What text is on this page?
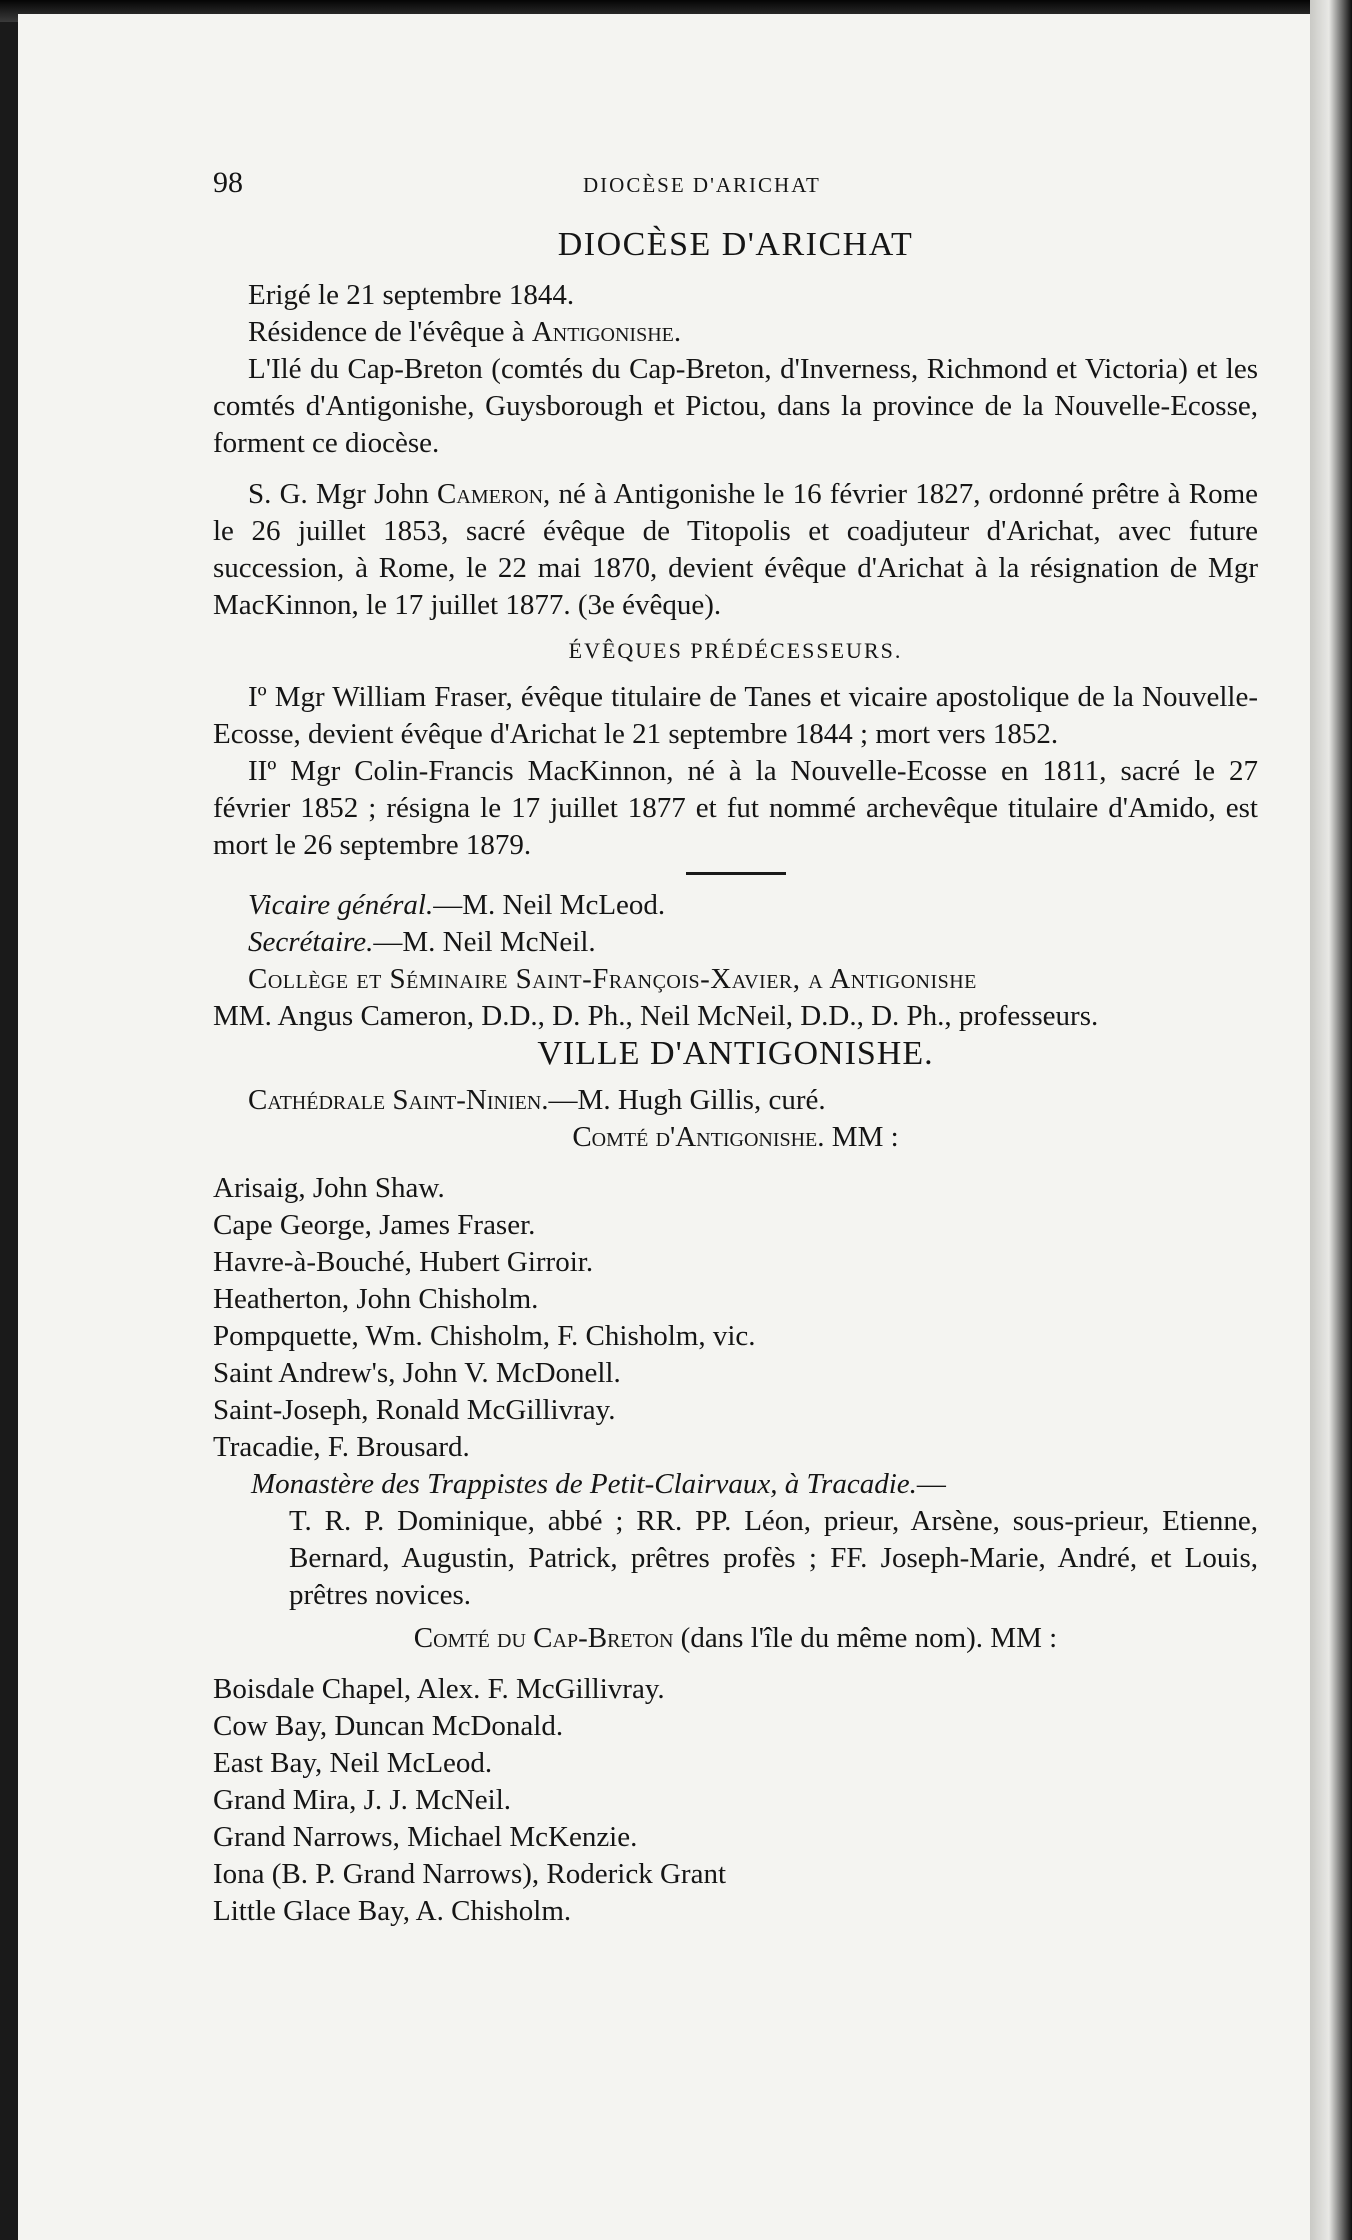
98	DIOCÈSE D'ARICHAT
DIOCÈSE D'ARICHAT
Erigé le 21 septembre 1844.
Résidence de l'évêque à Antigonishe.
L'Ilé du Cap-Breton (comtés du Cap-Breton, d'Inverness, Richmond et Victoria) et les comtés d'Antigonishe, Guysborough et Pictou, dans la province de la Nouvelle-Ecosse, forment ce diocèse.
S. G. Mgr John Cameron, né à Antigonishe le 16 février 1827, ordonné prêtre à Rome le 26 juillet 1853, sacré évêque de Titopolis et coadjuteur d'Arichat, avec future succession, à Rome, le 22 mai 1870, devient évêque d'Arichat à la résignation de Mgr MacKinnon, le 17 juillet 1877. (3e évêque).
ÉVÊQUES PRÉDÉCESSEURS.
Iº Mgr William Fraser, évêque titulaire de Tanes et vicaire apostolique de la Nouvelle-Ecosse, devient évêque d'Arichat le 21 septembre 1844 ; mort vers 1852.
IIº Mgr Colin-Francis MacKinnon, né à la Nouvelle-Ecosse en 1811, sacré le 27 février 1852 ; résigna le 17 juillet 1877 et fut nommé archevêque titulaire d'Amido, est mort le 26 septembre 1879.
Vicaire général.—M. Neil McLeod.
Secrétaire.—M. Neil McNeil.
Collège et Séminaire Saint-François-Xavier, a Antigonishe
MM. Angus Cameron, D.D., D. Ph., Neil McNeil, D.D., D. Ph., professeurs.
VILLE D'ANTIGONISHE.
Cathédrale Saint-Ninien.—M. Hugh Gillis, curé.
Comté d'Antigonishe. MM :
Arisaig, John Shaw.
Cape George, James Fraser.
Havre-à-Bouché, Hubert Girroir.
Heatherton, John Chisholm.
Pompquette, Wm. Chisholm, F. Chisholm, vic.
Saint Andrew's, John V. McDonell.
Saint-Joseph, Ronald McGillivray.
Tracadie, F. Brousard.
Monastère des Trappistes de Petit-Clairvaux, à Tracadie.—
T. R. P. Dominique, abbé ; RR. PP. Léon, prieur, Arsène, sous-prieur, Etienne, Bernard, Augustin, Patrick, prêtres profès ; FF. Joseph-Marie, André, et Louis, prêtres novices.
Comté du Cap-Breton (dans l'île du même nom). MM :
Boisdale Chapel, Alex. F. McGillivray.
Cow Bay, Duncan McDonald.
East Bay, Neil McLeod.
Grand Mira, J. J. McNeil.
Grand Narrows, Michael McKenzie.
Iona (B. P. Grand Narrows), Roderick Grant
Little Glace Bay, A. Chisholm.
